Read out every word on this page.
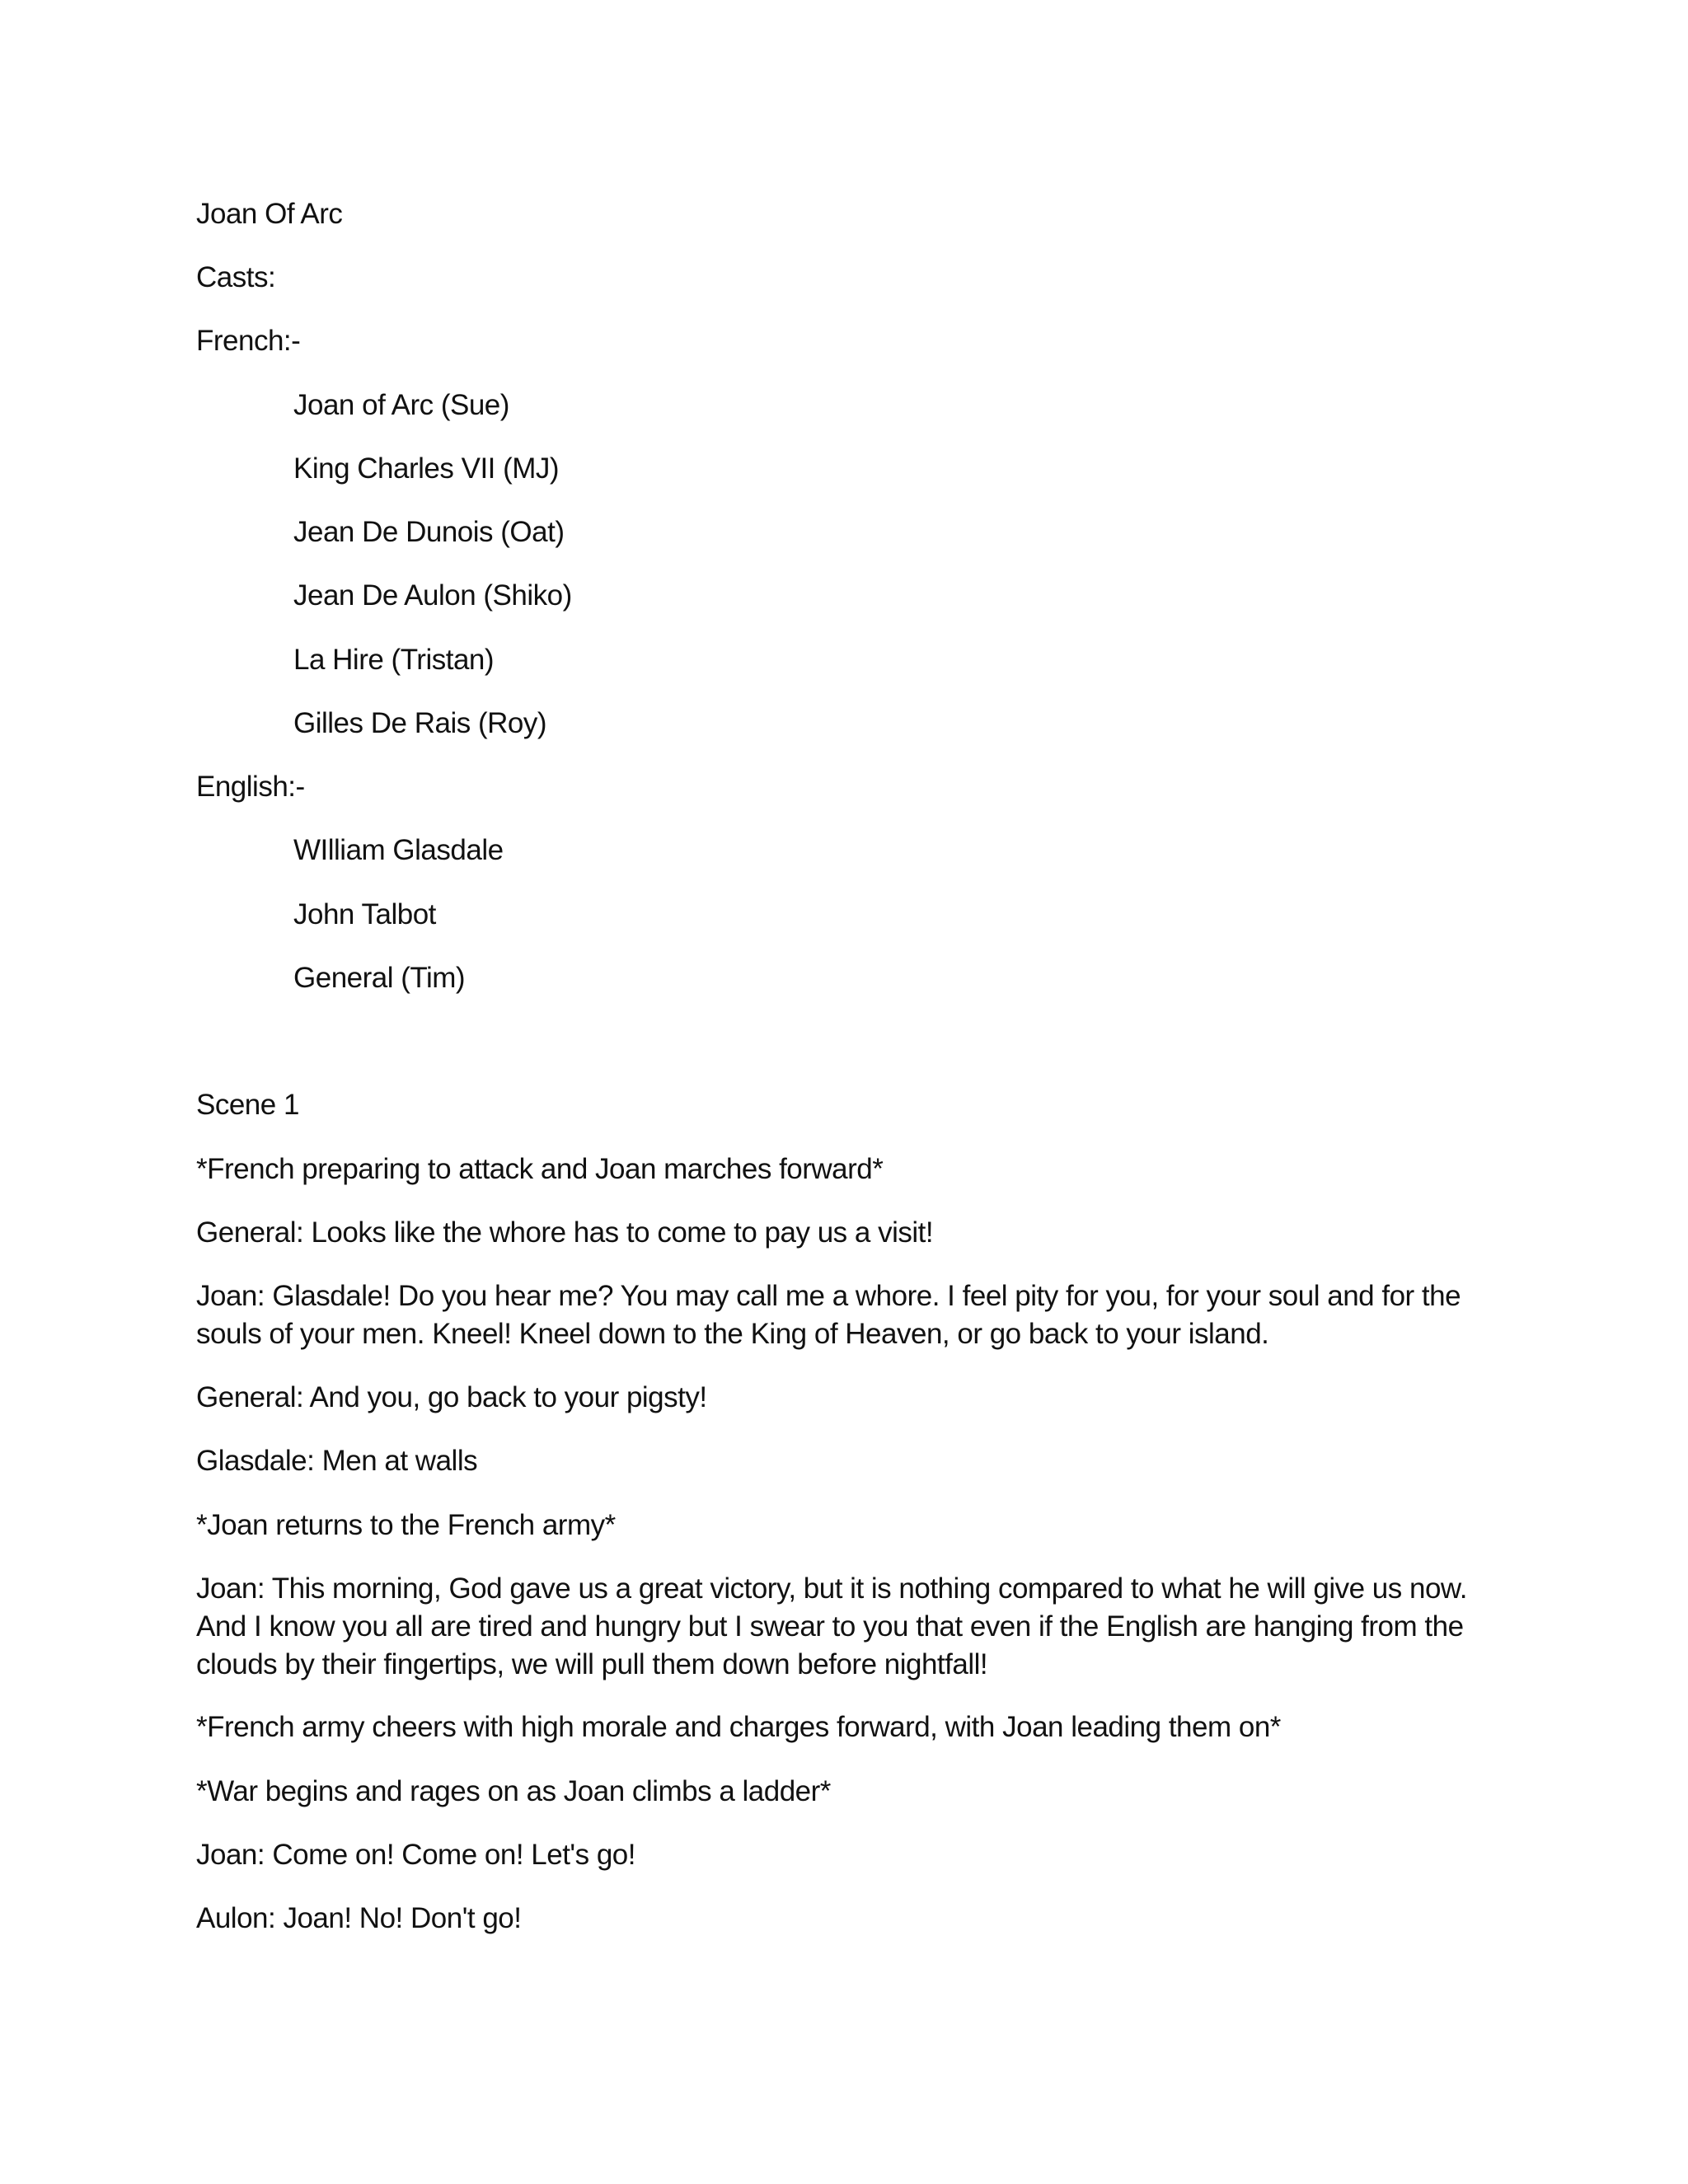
Joan Of Arc
Casts:
French:-
Joan of Arc (Sue)
King Charles VII (MJ)
Jean De Dunois (Oat)
Jean De Aulon (Shiko)
La Hire (Tristan)
Gilles De Rais (Roy)
English:-
WIlliam Glasdale
John Talbot
General (Tim)
Scene 1
*French preparing to attack and Joan marches forward*
General: Looks like the whore has to come to pay us a visit!

Joan: Glasdale! Do you hear me? You may call me a whore. I feel pity for you, for your soul and for the souls of your men. Kneel! Kneel down to the King of Heaven, or go back to your island.

General: And you, go back to your pigsty!
Glasdale: Men at walls
*Joan returns to the French army*

Joan: This morning, God gave us a great victory, but it is nothing compared to what he will give us now. And I know you all are tired and hungry but I swear to you that even if the English are hanging from the clouds by their fingertips, we will pull them down before nightfall!

*French army cheers with high morale and charges forward, with Joan leading them on*
*War begins and rages on as Joan climbs a ladder*
Joan: Come on! Come on! Let's go!
Aulon: Joan! No! Don't go!
